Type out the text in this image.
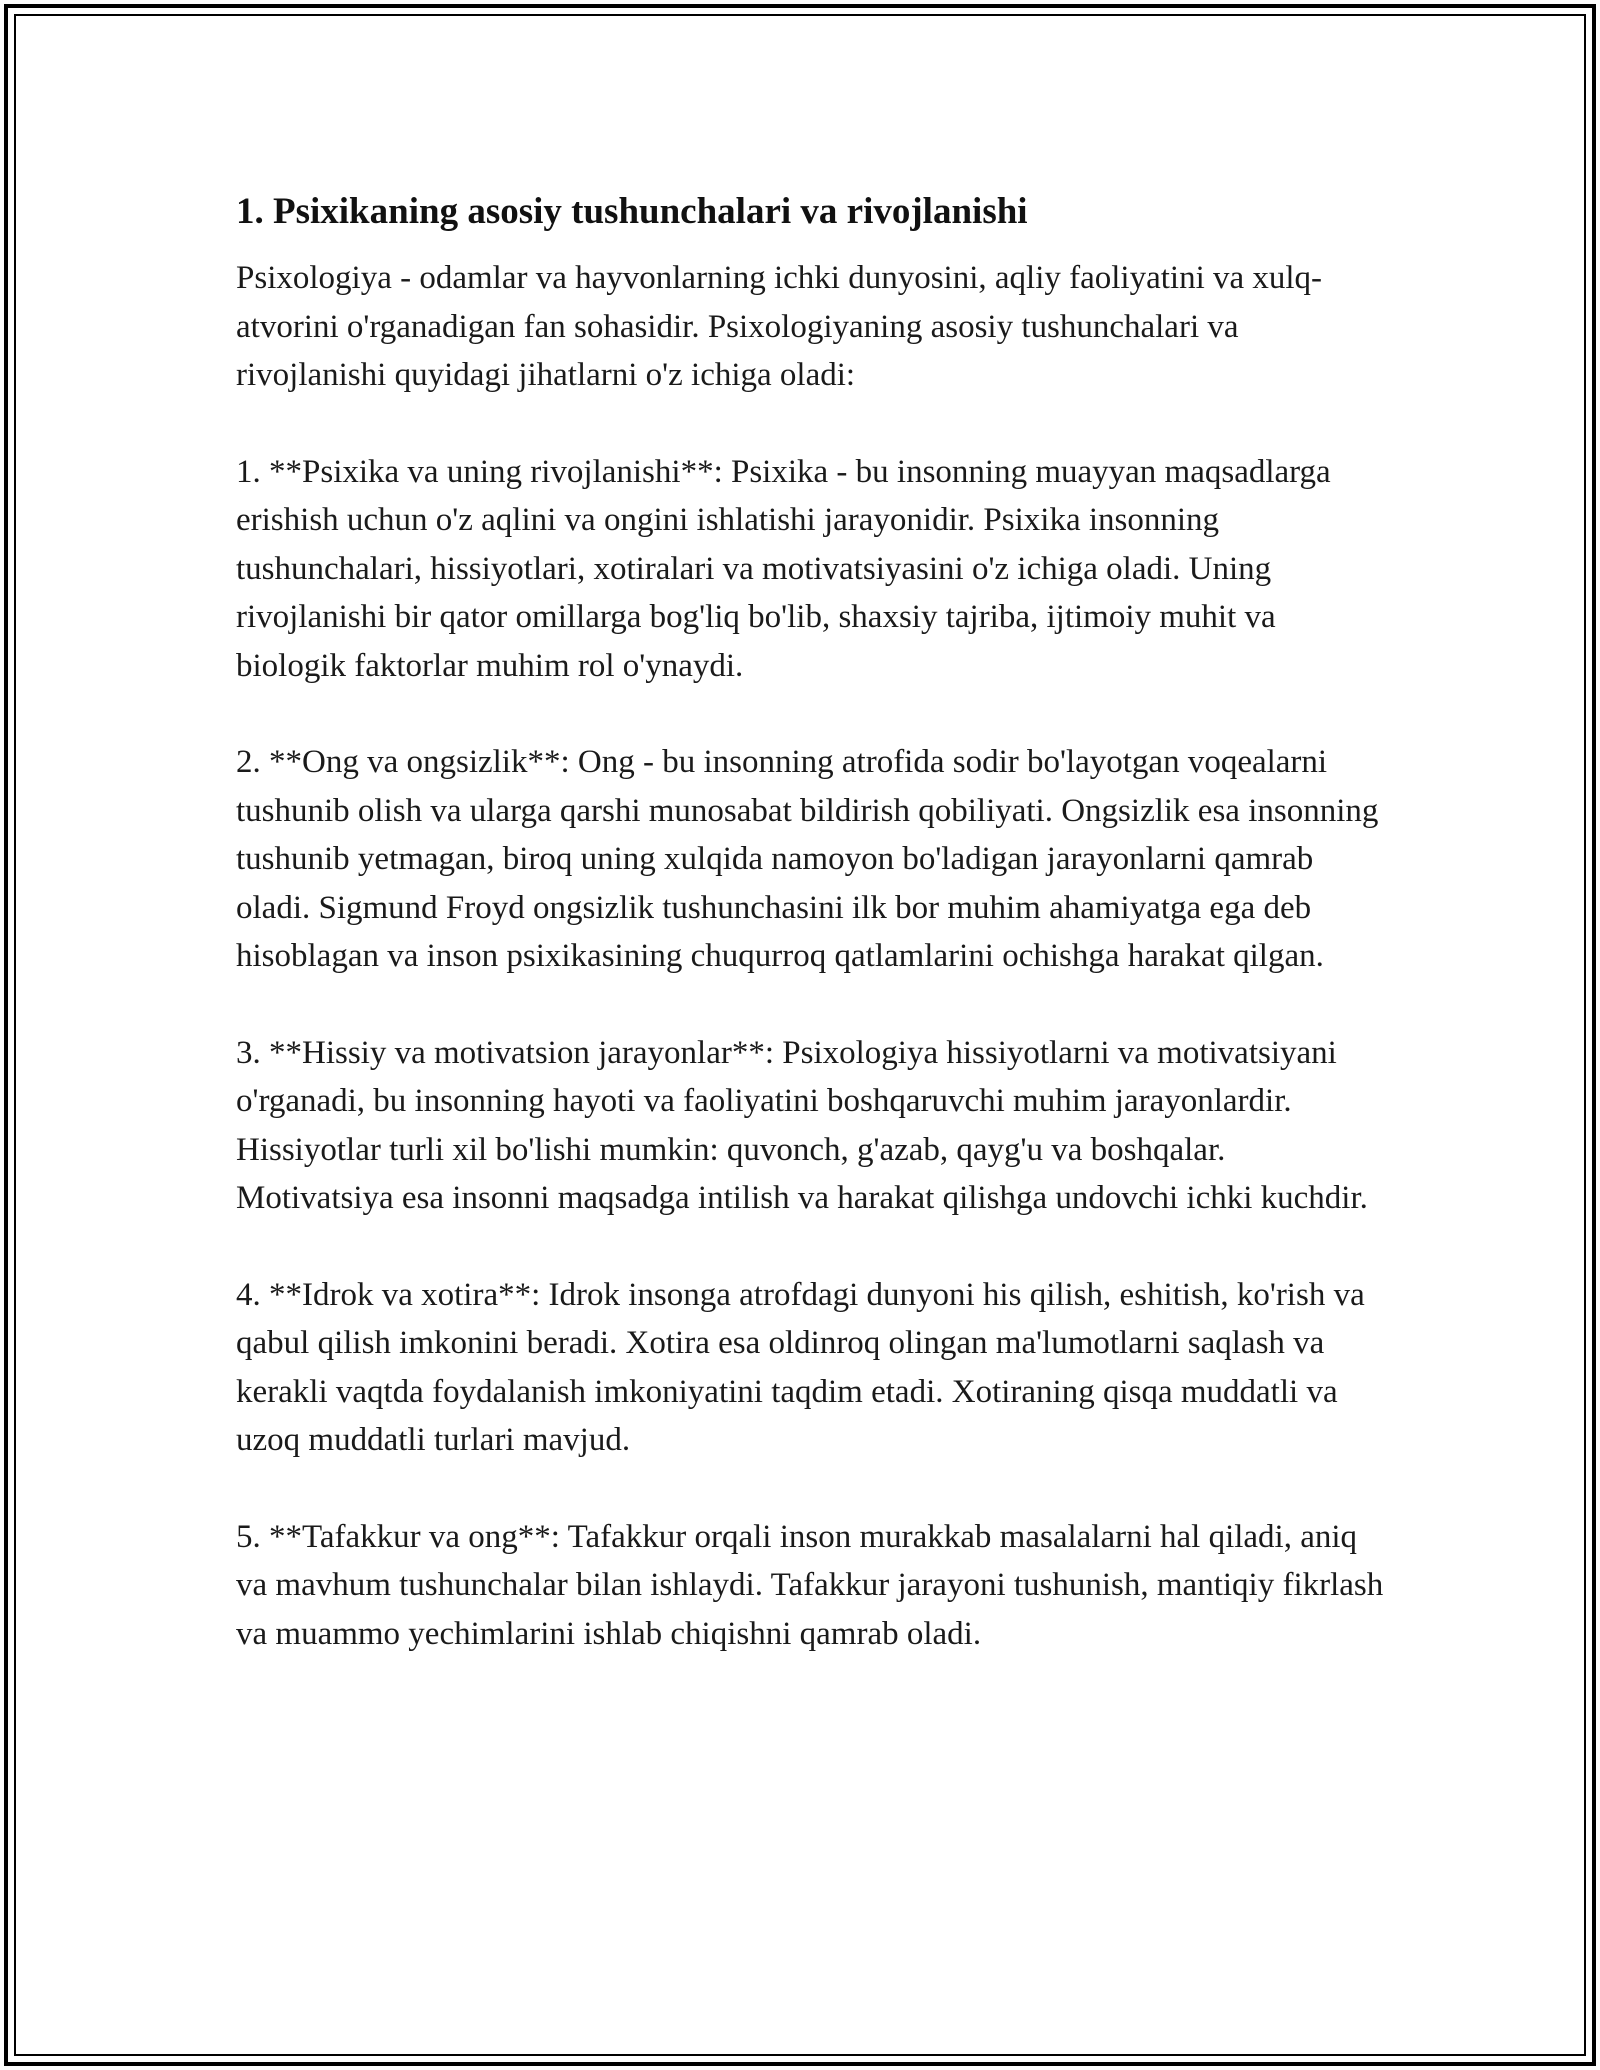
1. Psixikaning asosiy tushunchalari va rivojlanishi

Psixologiya - odamlar va hayvonlarning ichki dunyosini, aqliy faoliyatini va xulq-atvorini o'rganadigan fan sohasidir. Psixologiyaning asosiy tushunchalari va rivojlanishi quyidagi jihatlarni o'z ichiga oladi:

1. **Psixika va uning rivojlanishi**: Psixika - bu insonning muayyan maqsadlarga erishish uchun o'z aqlini va ongini ishlatishi jarayonidir. Psixika insonning tushunchalari, hissiyotlari, xotiralari va motivatsiyasini o'z ichiga oladi. Uning rivojlanishi bir qator omillarga bog'liq bo'lib, shaxsiy tajriba, ijtimoiy muhit va biologik faktorlar muhim rol o'ynaydi.

2. **Ong va ongsizlik**: Ong - bu insonning atrofida sodir bo'layotgan voqealarni tushunib olish va ularga qarshi munosabat bildirish qobiliyati. Ongsizlik esa insonning tushunib yetmagan, biroq uning xulqida namoyon bo'ladigan jarayonlarni qamrab oladi. Sigmund Froyd ongsizlik tushunchasini ilk bor muhim ahamiyatga ega deb hisoblagan va inson psixikasining chuqurroq qatlamlarini ochishga harakat qilgan.

3. **Hissiy va motivatsion jarayonlar**: Psixologiya hissiyotlarni va motivatsiyani o'rganadi, bu insonning hayoti va faoliyatini boshqaruvchi muhim jarayonlardir. Hissiyotlar turli xil bo'lishi mumkin: quvonch, g'azab, qayg'u va boshqalar. Motivatsiya esa insonni maqsadga intilish va harakat qilishga undovchi ichki kuchdir.

4. **Idrok va xotira**: Idrok insonga atrofdagi dunyoni his qilish, eshitish, ko'rish va qabul qilish imkonini beradi. Xotira esa oldinroq olingan ma'lumotlarni saqlash va kerakli vaqtda foydalanish imkoniyatini taqdim etadi. Xotiraning qisqa muddatli va uzoq muddatli turlari mavjud.

5. **Tafakkur va ong**: Tafakkur orqali inson murakkab masalalarni hal qiladi, aniq va mavhum tushunchalar bilan ishlaydi. Tafakkur jarayoni tushunish, mantiqiy fikrlash va muammo yechimlarini ishlab chiqishni qamrab oladi.
